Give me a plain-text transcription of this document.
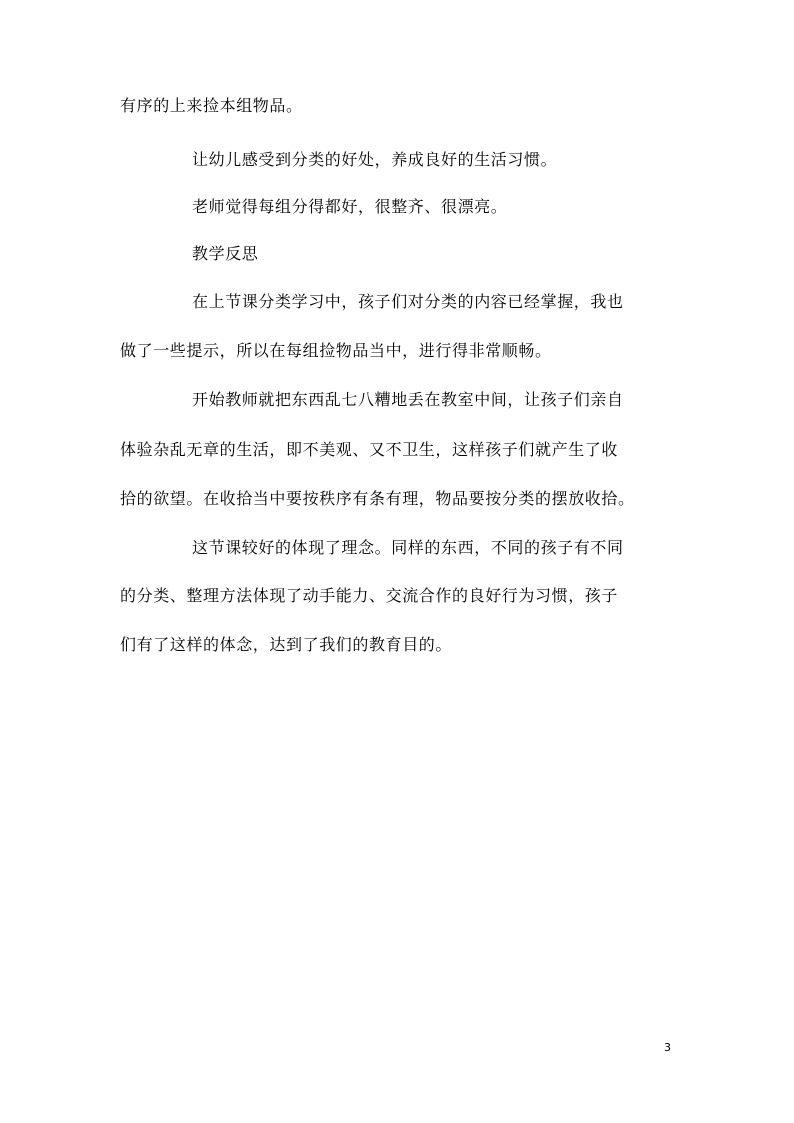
有序的上来捡本组物品。
让幼儿感受到分类的好处，养成良好的生活习惯。
老师觉得每组分得都好，很整齐、很漂亮。
教学反思
在上节课分类学习中，孩子们对分类的内容已经掌握，我也
做了一些提示，所以在每组捡物品当中，进行得非常顺畅。
开始教师就把东西乱七八糟地丢在教室中间，让孩子们亲自
体验杂乱无章的生活，即不美观、又不卫生，这样孩子们就产生了收
拾的欲望。在收拾当中要按秩序有条有理，物品要按分类的摆放收拾。
这节课较好的体现了理念。同样的东西，不同的孩子有不同
的分类、整理方法体现了动手能力、交流合作的良好行为习惯，孩子
们有了这样的体念，达到了我们的教育目的。
3
